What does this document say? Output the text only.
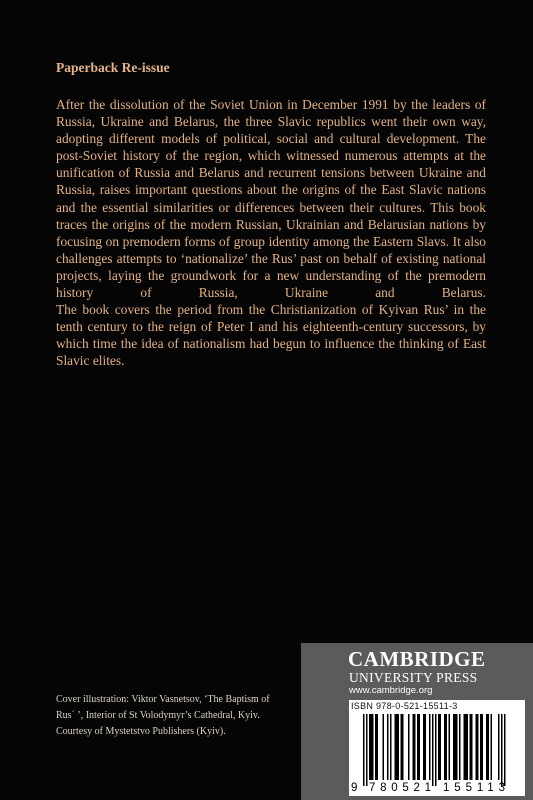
Paperback Re-issue

After the dissolution of the Soviet Union in December 1991 by the leaders of Russia, Ukraine and Belarus, the three Slavic republics went their own way, adopting different models of political, social and cultural development. The post-Soviet history of the region, which witnessed numerous attempts at the unification of Russia and Belarus and recurrent tensions between Ukraine and Russia, raises important questions about the origins of the East Slavic nations and the essential similarities or differences between their cultures. This book traces the origins of the modern Russian, Ukrainian and Belarusian nations by focusing on premodern forms of group identity among the Eastern Slavs. It also challenges attempts to ‘nationalize’ the Rus’ past on behalf of existing national projects, laying the groundwork for a new understanding of the premodern history of Russia, Ukraine and Belarus.

The book covers the period from the Christianization of Kyivan Rus’ in the tenth century to the reign of Peter I and his eighteenth-century successors, by which time the idea of nationalism had begun to influence the thinking of East Slavic elites.

Cover illustration: Viktor Vasnetsov, ‘The Baptism of
Rus´ ’, Interior of St Volodymyr’s Cathedral, Kyiv.
Courtesy of Mystetstvo Publishers (Kyiv).
CAMBRIDGE
UNIVERSITY PRESS
www.cambridge.org
ISBN 978-0-521-15511-3
9 780521 155113
